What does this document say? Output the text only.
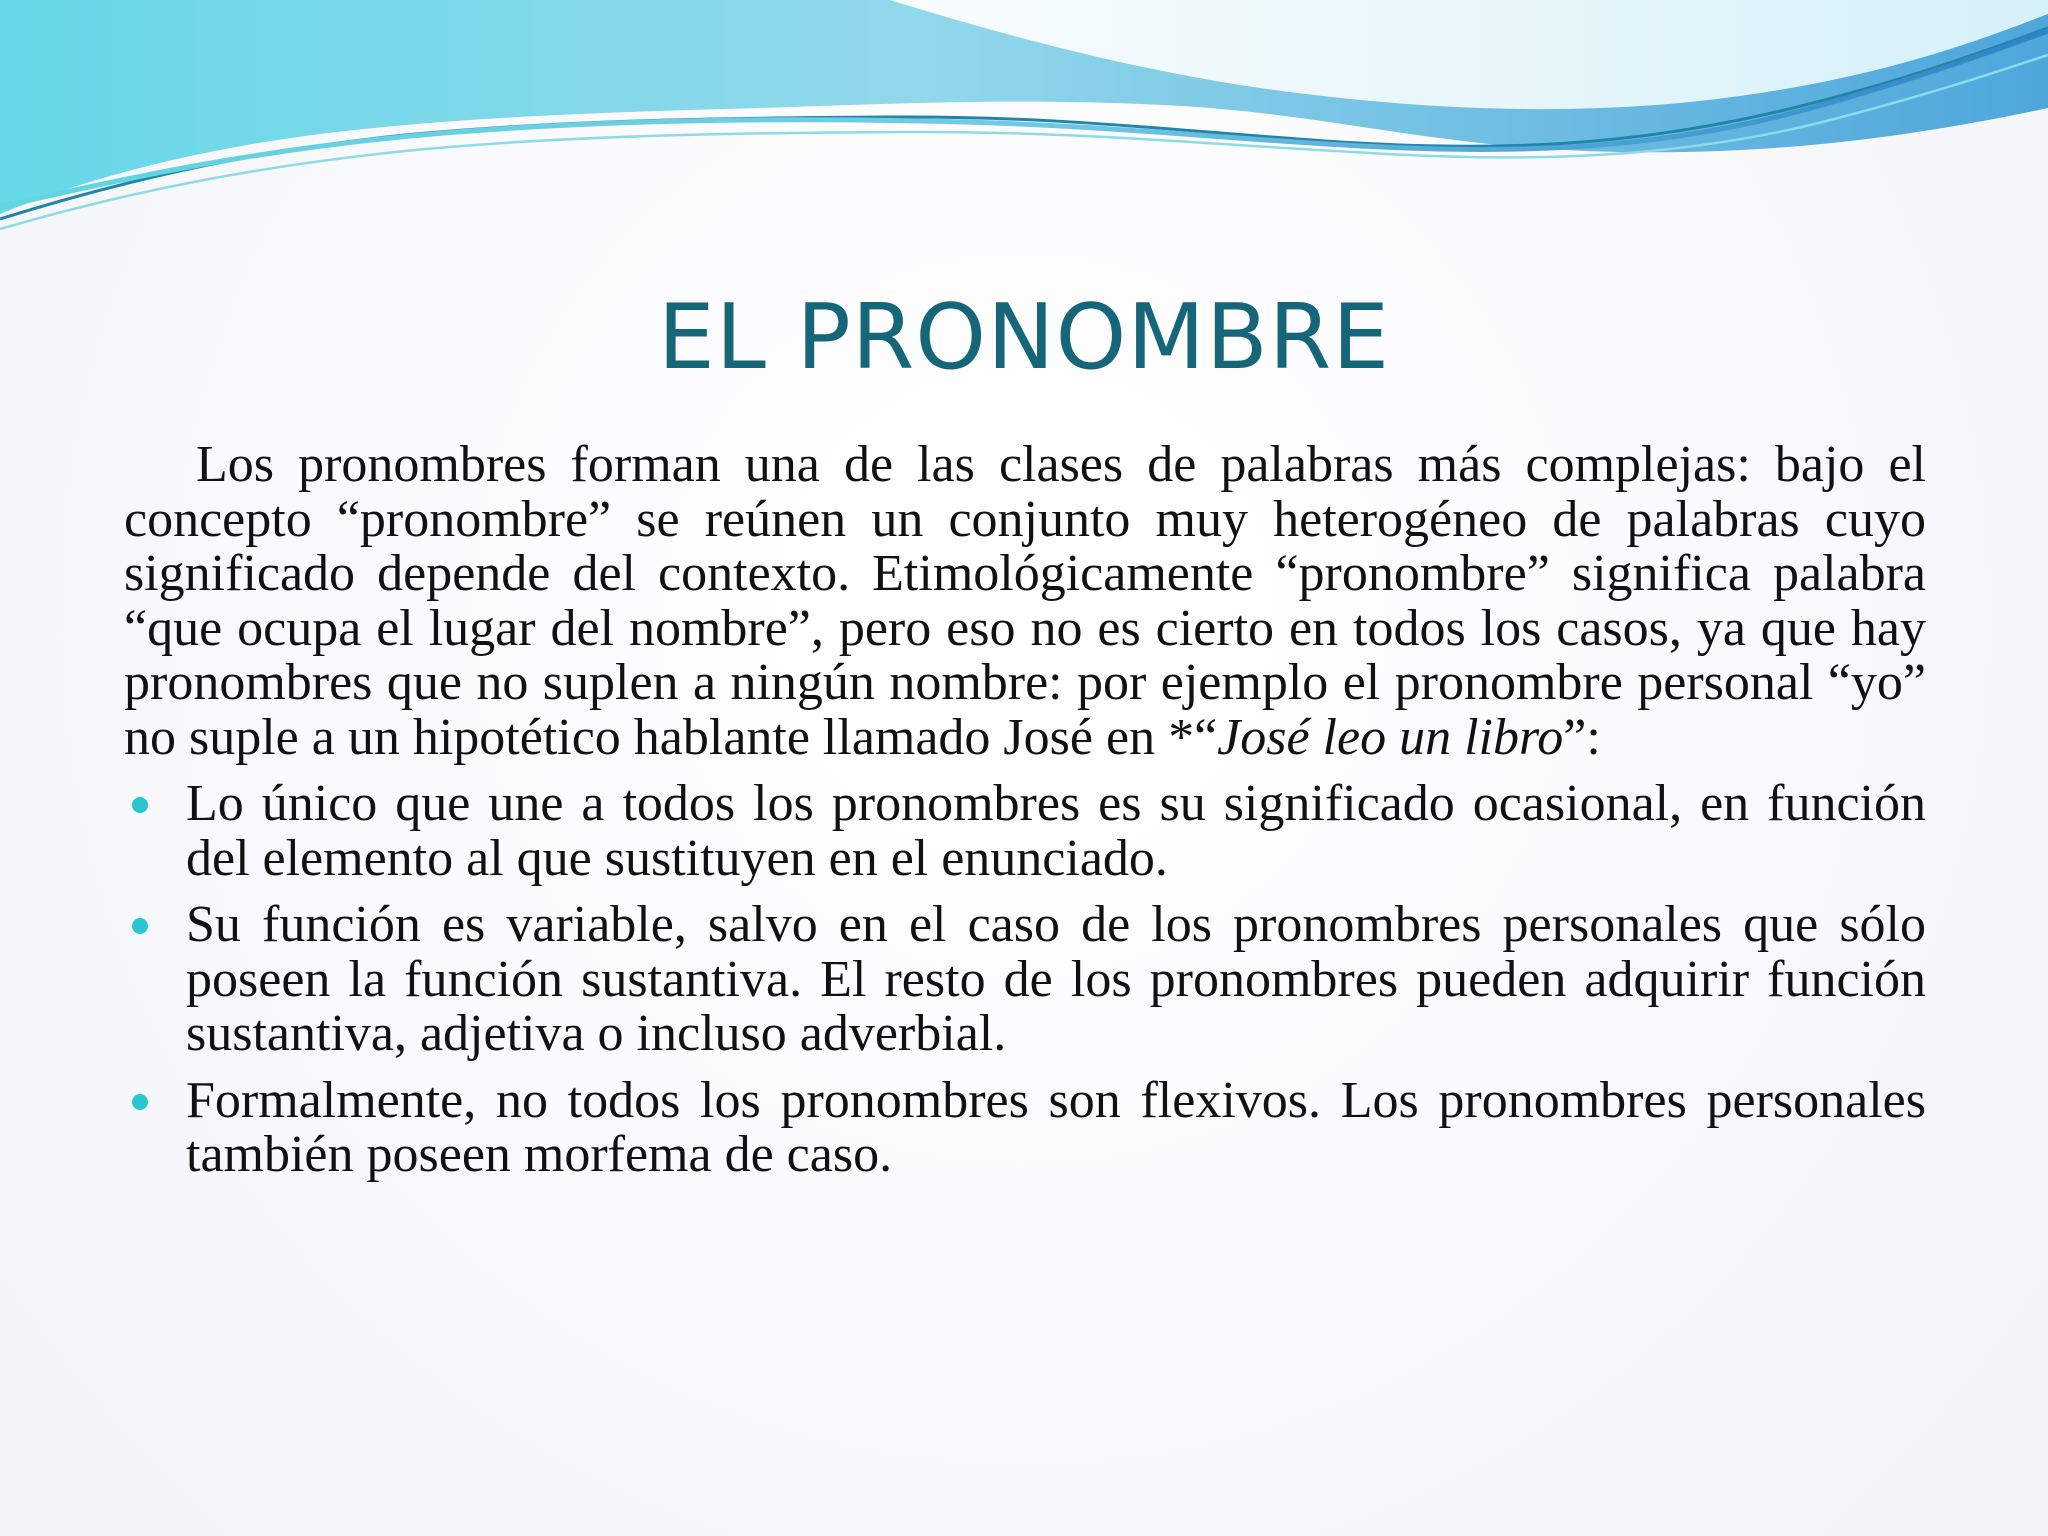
EL PRONOMBRE

Los pronombres forman una de las clases de palabras más complejas: bajo el concepto “pronombre” se reúnen un conjunto muy heterogéneo de palabras cuyo significado depende del contexto. Etimológicamente “pronombre” significa palabra “que ocupa el lugar del nombre”, pero eso no es cierto en todos los casos, ya que hay pronombres que no suplen a ningún nombre: por ejemplo el pronombre personal “yo” no suple a un hipotético hablante llamado José en *“José leo un libro”:

Lo único que une a todos los pronombres es su significado ocasional, en función del elemento al que sustituyen en el enunciado.
Su función es variable, salvo en el caso de los pronombres personales que sólo poseen la función sustantiva. El resto de los pronombres pueden adquirir función sustantiva, adjetiva o incluso adverbial.
Formalmente, no todos los pronombres son flexivos. Los pronombres personales también poseen morfema de caso.
